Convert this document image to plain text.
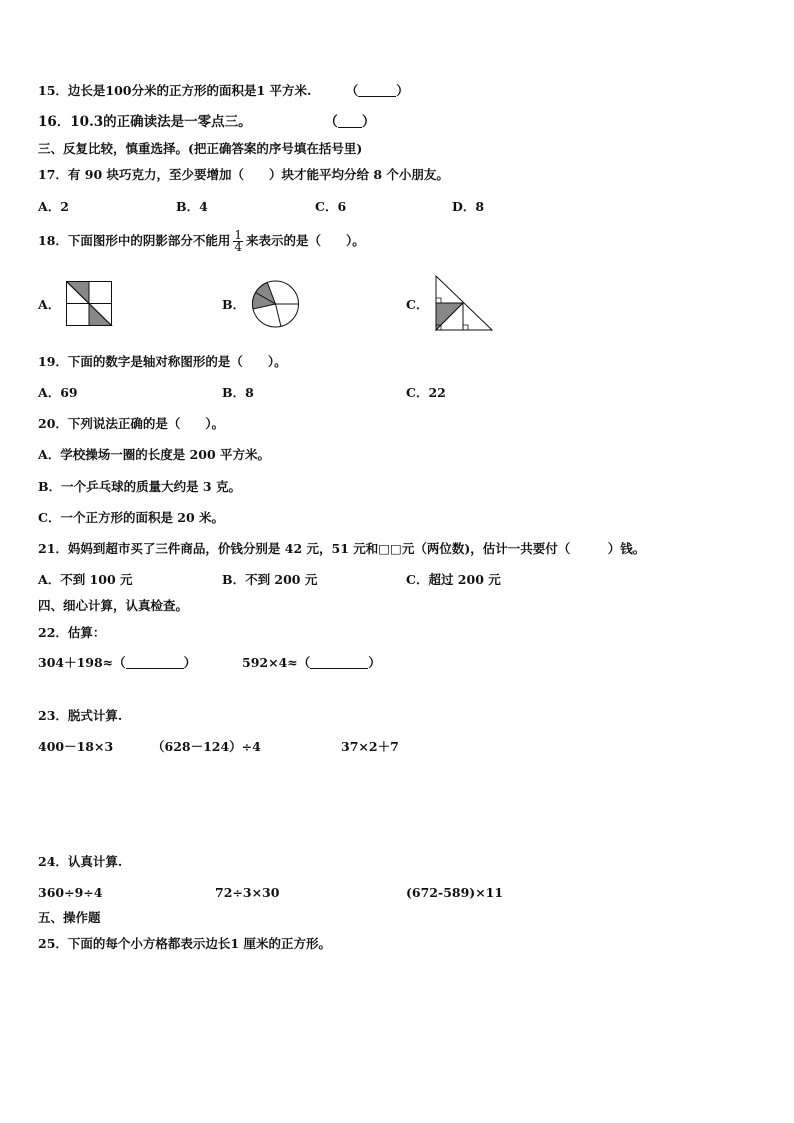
15．边长是100分米的正方形的面积是1 平方米.	（	）
16．10.3的正确读法是一零点三。	（ ）
三、反复比较，慎重选择。(把正确答案的序号填在括号里)
17．有 90 块巧克力，至少要增加（　　）块才能平均分给 8 个小朋友。
A．2	B．4	C．6	D．8
18．下面图形中的阴影部分不能用 $\frac{1}{4}$ 来表示的是（　　）。
A．	B．	C．
19．下面的数字是轴对称图形的是（　　）。
A．69	B．8	C．22
20．下列说法正确的是（　　）。
A．学校操场一圈的长度是 200 平方米。
B．一个乒乓球的质量大约是 3 克。
C．一个正方形的面积是 20 米。
21．妈妈到超市买了三件商品，价钱分别是 42 元，51 元和□□元（两位数)，估计一共要付（　　　）钱。
A．不到 100 元	B．不到 200 元	C．超过 200 元
四、细心计算，认真检查。
22．估算：
304＋198≈（	）	592×4≈（	）
23．脱式计算.
400－18×3	（628－124）÷4	37×2＋7
24．认真计算.
360÷9÷4	72÷3×30	(672-589)×11
五、操作题
25．下面的每个小方格都表示边长1 厘米的正方形。
